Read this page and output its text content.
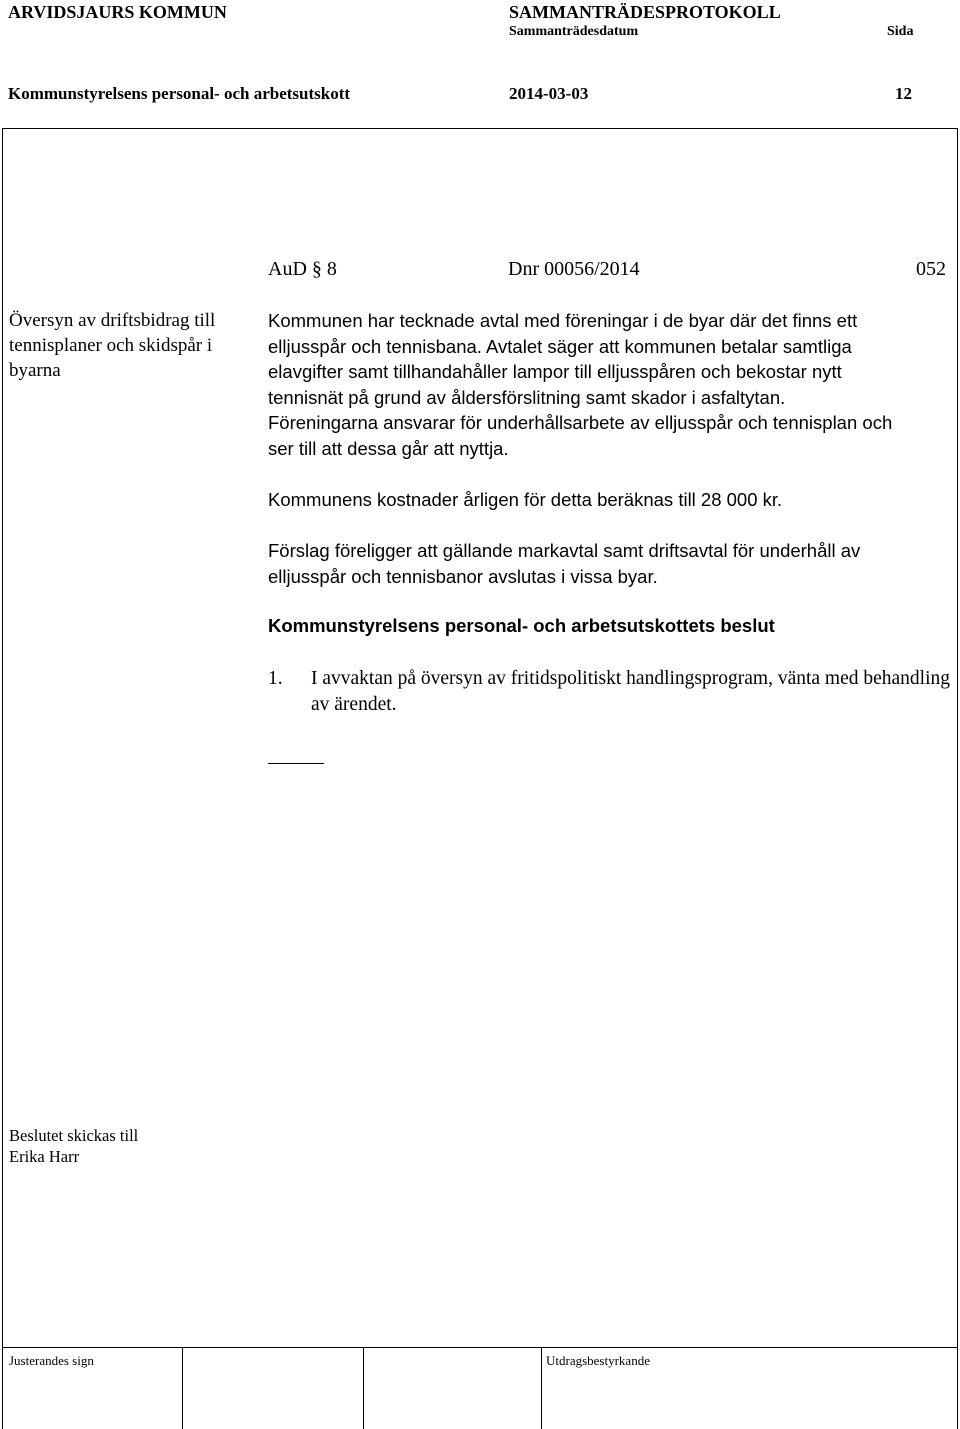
ARVIDSJAURS KOMMUN	SAMMANTRÄDESPROTOKOLL
Sammanträdesdatum	Sida
Kommunstyrelsens personal- och arbetsutskott	2014-03-03	12
AuD § 8	Dnr 00056/2014	052
Översyn av driftsbidrag till tennisplaner och skidspår i byarna
Kommunen har tecknade avtal med föreningar i de byar där det finns ett
elljusspår och tennisbana. Avtalet säger att kommunen betalar samtliga
elavgifter samt tillhandahåller lampor till elljusspåren och bekostar nytt
tennisnät på grund av åldersförslitning samt skador i asfaltytan.
Föreningarna ansvarar för underhållsarbete av elljusspår och tennisplan och
ser till att dessa går att nyttja.
Kommunens kostnader årligen för detta beräknas till 28 000 kr.
Förslag föreligger att gällande markavtal samt driftsavtal för underhåll av elljusspår och tennisbanor avslutas i vissa byar.
Kommunstyrelsens personal- och arbetsutskottets beslut
1.	I avvaktan på översyn av fritidspolitiskt handlingsprogram, vänta med behandling av ärendet.
Beslutet skickas till
Erika Harr
Justerandes sign	Utdragsbestyrkande
